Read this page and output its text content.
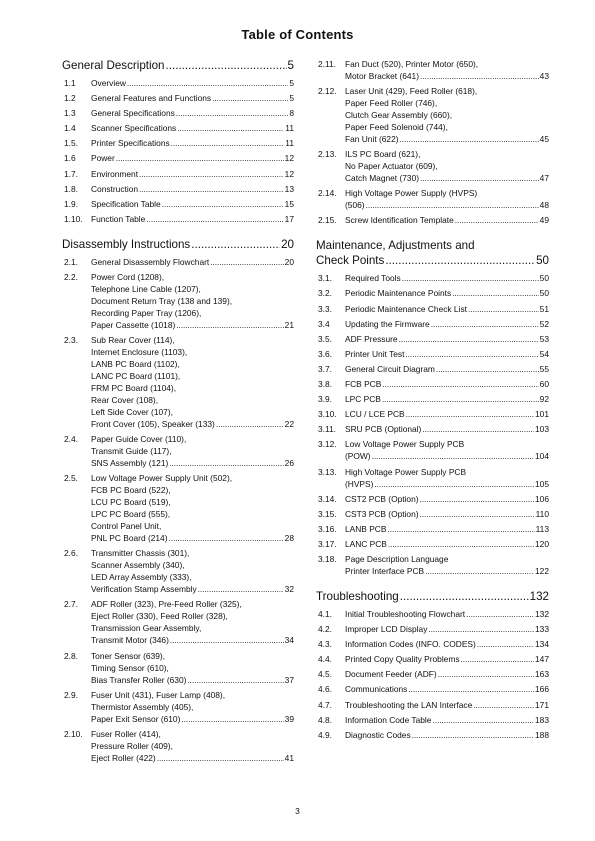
Table of Contents
General Description . . .	5
1.1	Overview . . .	5
1.2	General Features and Functions . . .	5
1.3	General Specifications . . .	8
1.4	Scanner Specifications . . .	11
1.5.	Printer Specifications . . .	11
1.6	Power . . .	12
1.7.	Environment . . .	12
1.8.	Construction . . .	13
1.9.	Specification Table . . .	15
1.10. Function Table . . .	17
Disassembly Instructions . . .	20
2.1.	General Disassembly Flowchart . . .	20
2.2.	Power Cord (1208),
Telephone Line Cable (1207),
Document Return Tray (138 and 139),
Recording Paper Tray (1206),
Paper Cassette (1018) . . .	21
2.3.	Sub Rear Cover (114),
Internet Enclosure (1103),
LANB PC Board (1102),
LANC PC Board (1101),
FRM PC Board (1104),
Rear Cover (108),
Left Side Cover (107),
Front Cover (105), Speaker (133) . . .	22
2.4.	Paper Guide Cover (110),
Transmit Guide (117),
SNS Assembly (121) . . .	26
2.5.	Low Voltage Power Supply Unit (502),
FCB PC Board (522),
LCU PC Board (519),
LPC PC Board (555),
Control Panel Unit,
PNL PC Board (214) . . .	28
2.6.	Transmitter Chassis (301),
Scanner Assembly (340),
LED Array Assembly (333),
Verification Stamp Assembly . . .	32
2.7.	ADF Roller (323), Pre-Feed Roller (325),
Eject Roller (330), Feed Roller (328),
Transmission Gear Assembly,
Transmit Motor (346) . . .	34
2.8.	Toner Sensor (639),
Timing Sensor (610),
Bias Transfer Roller (630) . . .	37
2.9.	Fuser Unit (431), Fuser Lamp (408),
Thermistor Assembly (405),
Paper Exit Sensor (610) . . .	39
2.10. Fuser Roller (414),
Pressure Roller (409),
Eject Roller (422) . . .	41
2.11.	Fan Duct (520), Printer Motor (650),
Motor Bracket (641) . . .	43
2.12. Laser Unit (429), Feed Roller (618),
Paper Feed Roller (746),
Clutch Gear Assembly (660),
Paper Feed Solenoid (744),
Fan Unit (622) . . .	45
2.13. ILS PC Board (621),
No Paper Actuator (609),
Catch Magnet (730) . . .	47
2.14. High Voltage Power Supply (HVPS)
(506) . . .	48
2.15. Screw Identification Template . . .	49
Maintenance, Adjustments and
Check Points . . .	50
3.1.	Required Tools . . .	50
3.2.	Periodic Maintenance Points . . .	50
3.3.	Periodic Maintenance Check List . . .	51
3.4	Updating the Firmware . . .	52
3.5.	ADF Pressure . . .	53
3.6.	Printer Unit Test . . .	54
3.7.	General Circuit Diagram . . .	55
3.8.	FCB PCB . . .	60
3.9.	LPC PCB . . .	92
3.10. LCU / LCE PCB . . .	101
3.11.	SRU PCB (Optional) . . .	103
3.12. Low Voltage Power Supply PCB
(POW) . . .	104
3.13. High Voltage Power Supply PCB
(HVPS) . . .	105
3.14. CST2 PCB (Option) . . .	106
3.15. CST3 PCB (Option) . . .	110
3.16. LANB PCB . . .	113
3.17. LANC PCB . . .	120
3.18. Page Description Language
Printer Interface PCB . . .	122
Troubleshooting . . .	132
4.1.	Initial Troubleshooting Flowchart . . .	132
4.2.	Improper LCD Display . . .	133
4.3.	Information Codes (INFO. CODES) . . .	134
4.4.	Printed Copy Quality Problems . . .	147
4.5.	Document Feeder (ADF) . . .	163
4.6.	Communications . . .	166
4.7.	Troubleshooting the LAN Interface . . .	171
4.8.	Information Code Table . . .	183
4.9.	Diagnostic Codes . . .	188
3
